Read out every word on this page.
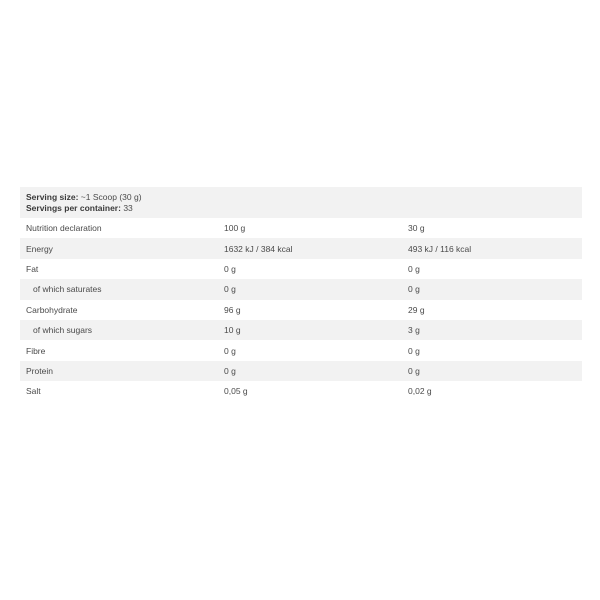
Serving size: ~1 Scoop (30 g)
Servings per container: 33
Nutrition declaration	100 g	30 g
Energy	1632 kJ / 384 kcal	493 kJ / 116 kcal
Fat	0 g	0 g
of which saturates	0 g	0 g
Carbohydrate	96 g	29 g
of which sugars	10 g	3 g
Fibre	0 g	0 g
Protein	0 g	0 g
Salt	0,05 g	0,02 g
